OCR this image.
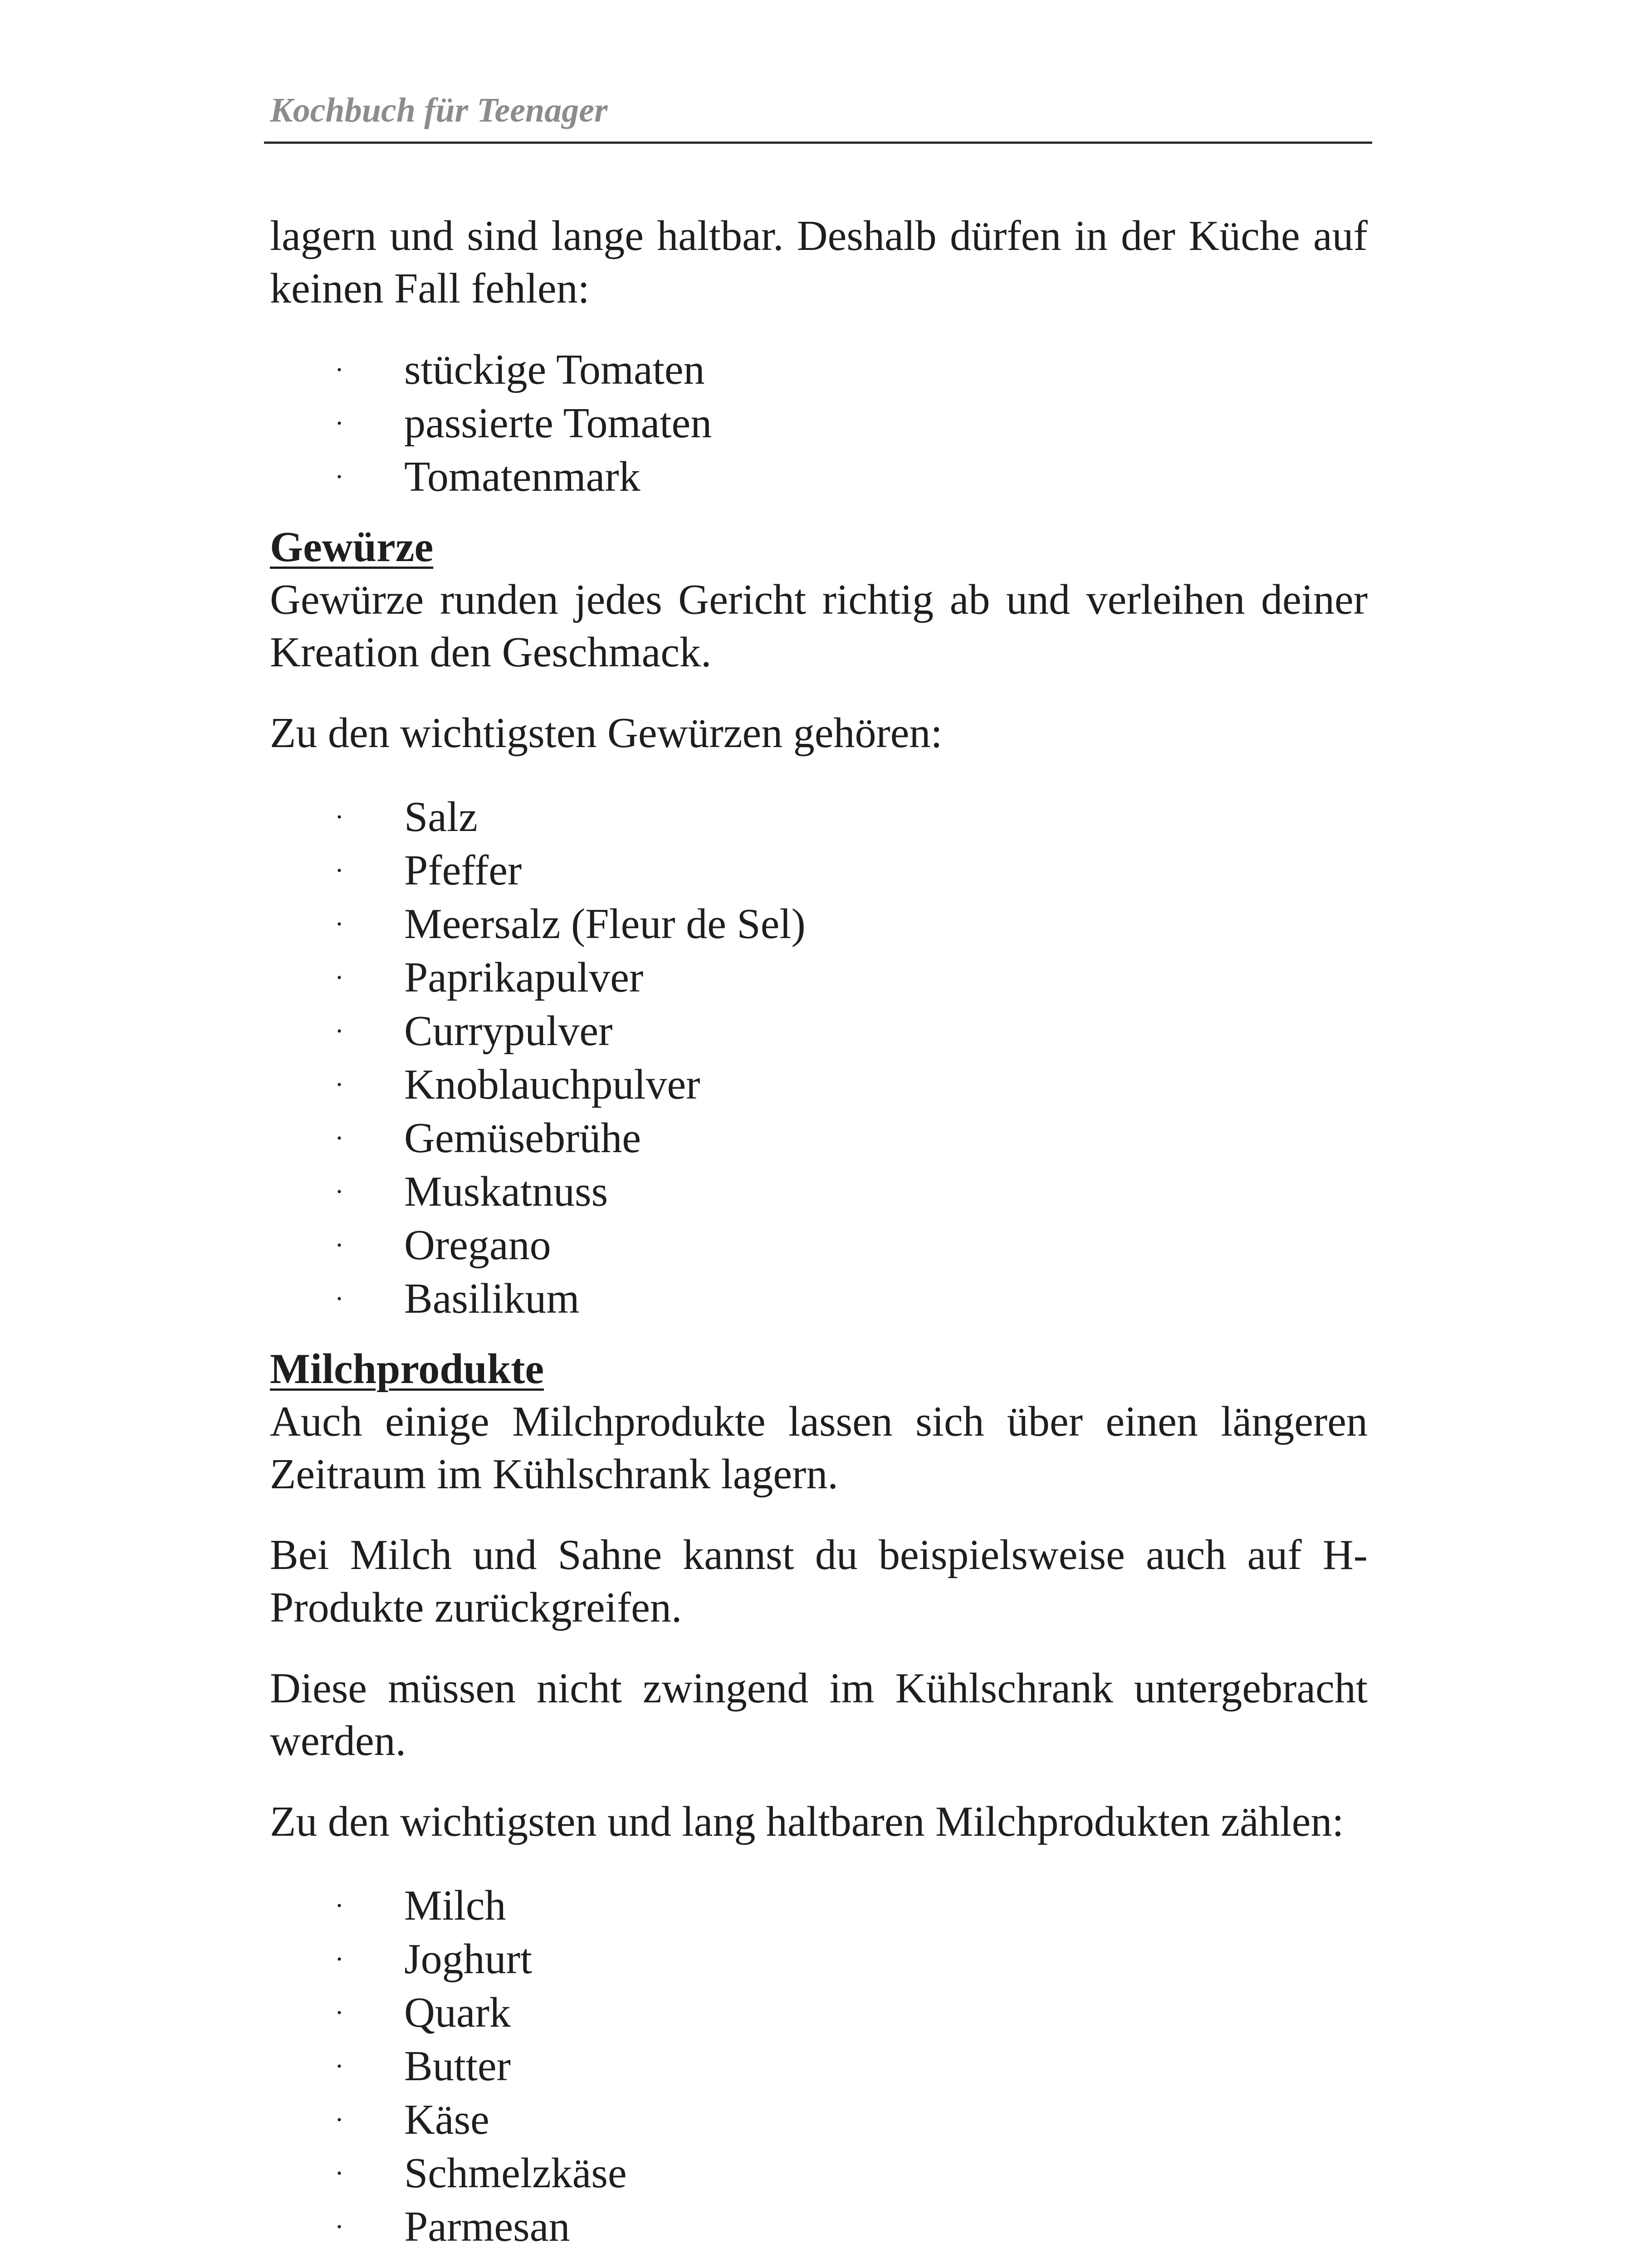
Kochbuch für Teenager

lagern und sind lange haltbar. Deshalb dürfen in der Küche auf keinen Fall fehlen:

· stückige Tomaten
· passierte Tomaten
· Tomatenmark
Gewürze

Gewürze runden jedes Gericht richtig ab und verleihen deiner Kreation den Geschmack.

Zu den wichtigsten Gewürzen gehören:

· Salz
· Pfeffer
· Meersalz (Fleur de Sel)
· Paprikapulver
· Currypulver
· Knoblauchpulver
· Gemüsebrühe
· Muskatnuss
· Oregano
· Basilikum
Milchprodukte

Auch einige Milchprodukte lassen sich über einen längeren Zeitraum im Kühlschrank lagern.

Bei Milch und Sahne kannst du beispielsweise auch auf H-Produkte zurückgreifen.

Diese müssen nicht zwingend im Kühlschrank untergebracht werden.

Zu den wichtigsten und lang haltbaren Milchprodukten zählen:

· Milch
· Joghurt
· Quark
· Butter
· Käse
· Schmelzkäse
· Parmesan
